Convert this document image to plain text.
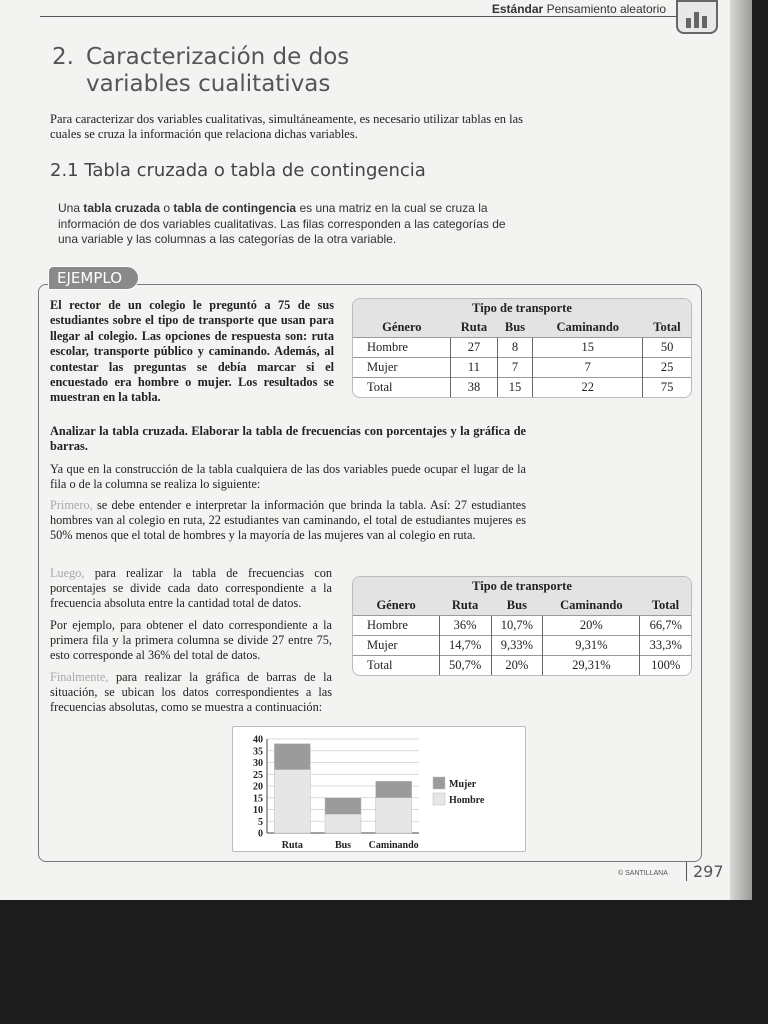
Estándar Pensamiento aleatorio
2. Caracterización de dos
variables cualitativas
Para caracterizar dos variables cualitativas, simultáneamente, es necesario utilizar tablas en las cuales se cruza la información que relaciona dichas variables.
2.1 Tabla cruzada o tabla de contingencia
Una tabla cruzada o tabla de contingencia es una matriz en la cual se cruza la información de dos variables cualitativas. Las filas corresponden a las categorías de una variable y las columnas a las categorías de la otra variable.
EJEMPLO
El rector de un colegio le preguntó a 75 de sus estudiantes sobre el tipo de transporte que usan para llegar al colegio. Las opciones de respuesta son: ruta escolar, transporte público y caminando. Además, al contestar las preguntas se debía marcar si el encuestado era hombre o mujer. Los resultados se muestran en la tabla.
Tipo de transporte
Género	Ruta	Bus	Caminando	Total
Hombre	27	8	15	50
Mujer	11	7	7	25
Total	38	15	22	75
Analizar la tabla cruzada. Elaborar la tabla de frecuencias con porcentajes y la gráfica de barras.
Ya que en la construcción de la tabla cualquiera de las dos variables puede ocupar el lugar de la fila o de la columna se realiza lo siguiente:
Primero, se debe entender e interpretar la información que brinda la tabla. Así: 27 estudiantes hombres van al colegio en ruta, 22 estudiantes van caminando, el total de estudiantes mujeres es 50% menos que el total de hombres y la mayoría de las mujeres van al colegio en ruta.
Luego, para realizar la tabla de frecuencias con porcentajes se divide cada dato correspondiente a la frecuencia absoluta entre la cantidad total de datos.
Por ejemplo, para obtener el dato correspondiente a la primera fila y la primera columna se divide 27 entre 75, esto corresponde al 36% del total de datos.
Finalmente, para realizar la gráfica de barras de la situación, se ubican los datos correspondientes a las frecuencias absolutas, como se muestra a continuación:
Tipo de transporte
Género	Ruta	Bus	Caminando	Total
Hombre	36%	10,7%	20%	66,7%
Mujer	14,7%	9,33%	9,31%	33,3%
Total	50,7%	20%	29,31%	100%
0
5
10
15
20
25
30
35
40
Ruta	Bus Caminando
Mujer
Hombre
© SANTILLANA	297
